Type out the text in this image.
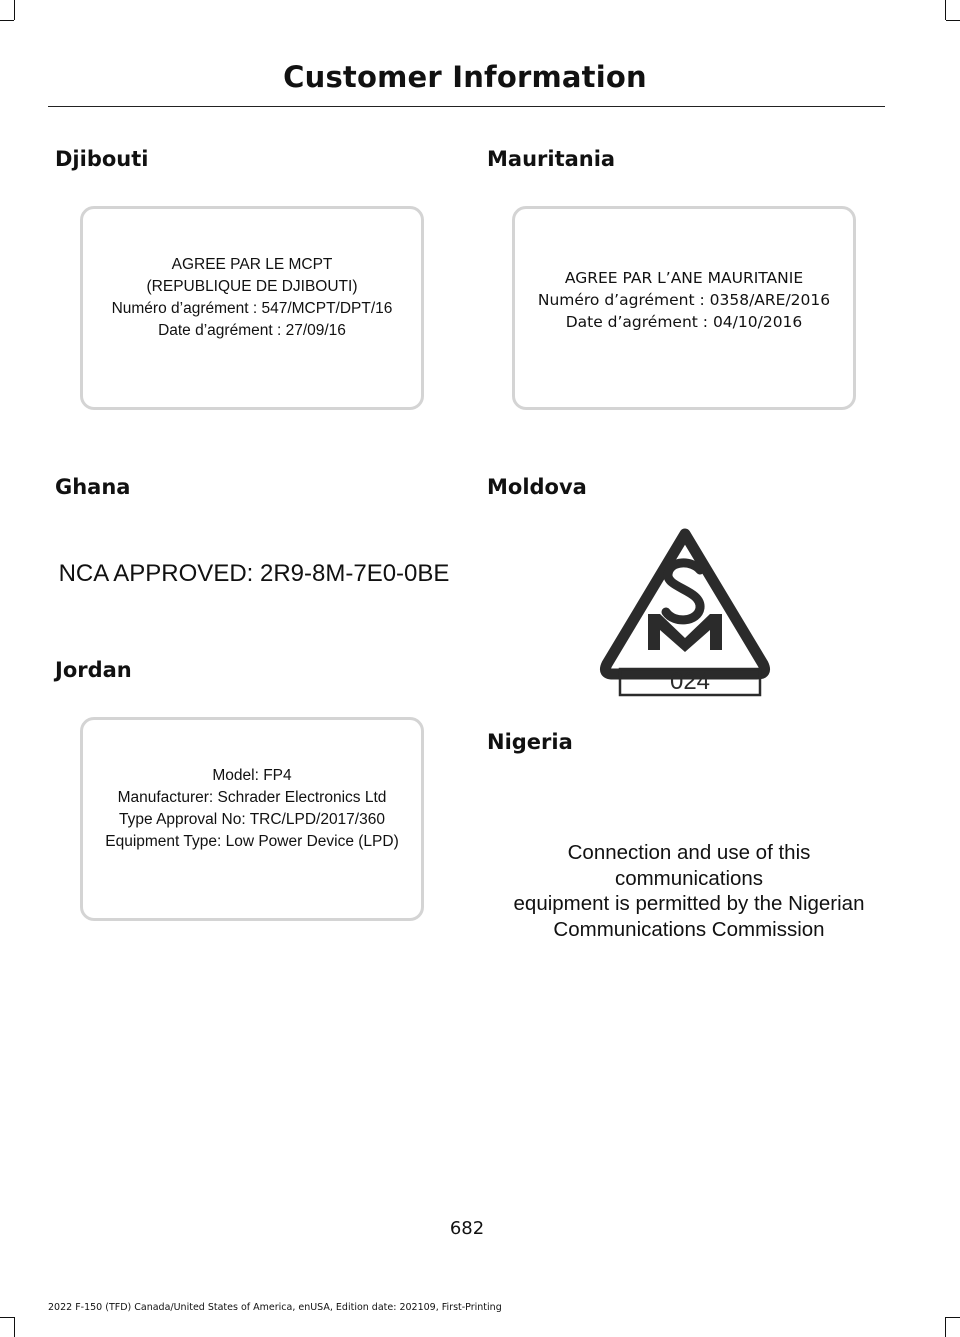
Customer Information
Djibouti
AGREE PAR LE MCPT
(REPUBLIQUE DE DJIBOUTI)
Numéro d’agrément : 547/MCPT/DPT/16
Date d’agrément : 27/09/16
Mauritania
AGREE PAR L’ANE MAURITANIE
Numéro d’agrément : 0358/ARE/2016
Date d’agrément : 04/10/2016
Ghana
NCA APPROVED: 2R9-8M-7E0-0BE
Moldova
024
Jordan
Model: FP4
Manufacturer: Schrader Electronics Ltd
Type Approval No: TRC/LPD/2017/360
Equipment Type: Low Power Device (LPD)
Nigeria
Connection and use of this
communications
equipment is permitted by the Nigerian
Communications Commission
682
2022 F-150 (TFD) Canada/United States of America, enUSA, Edition date: 202109, First-Printing
